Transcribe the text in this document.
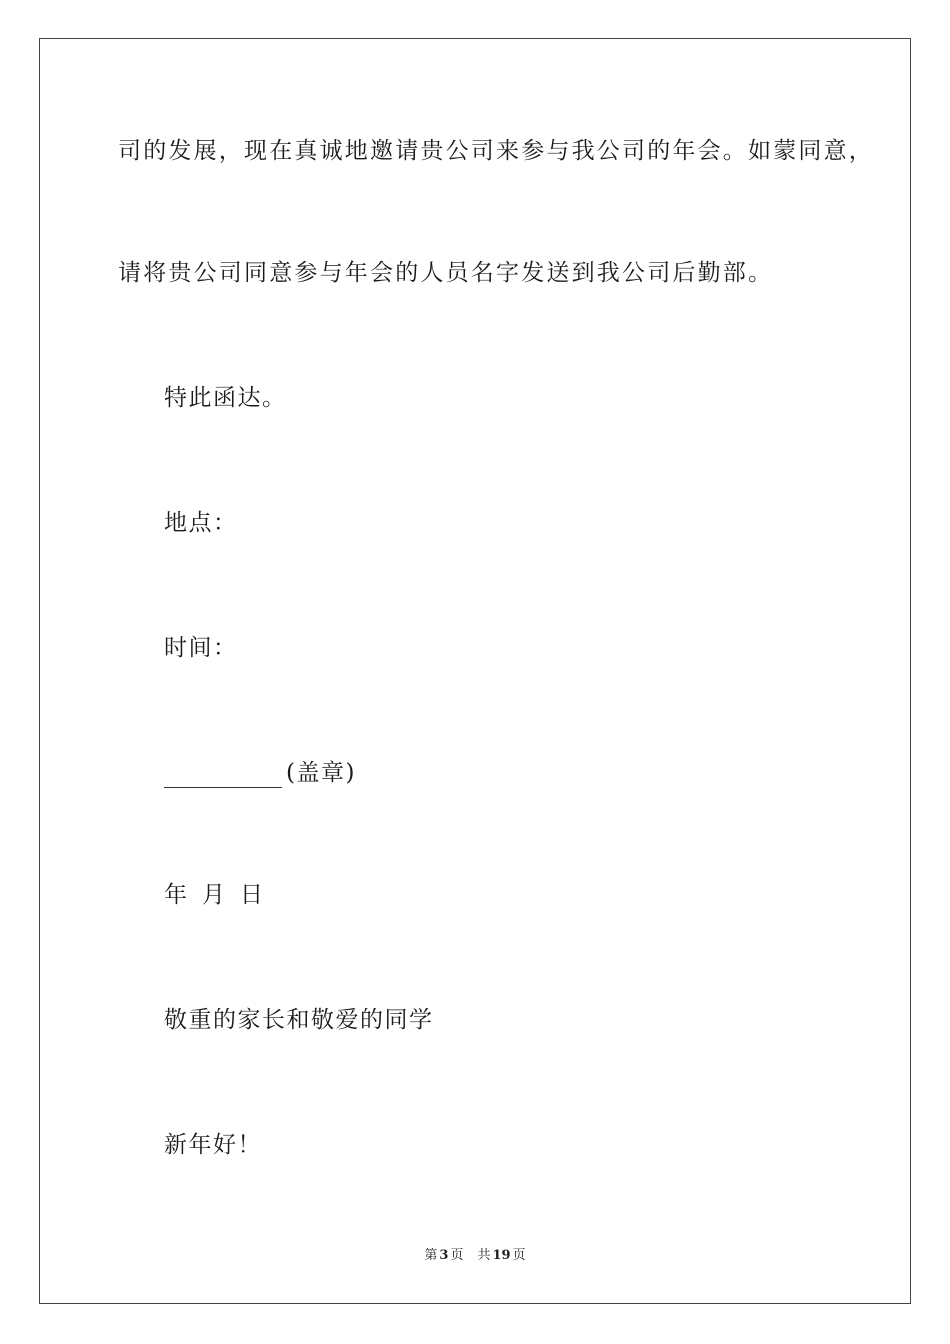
司的发展，现在真诚地邀请贵公司来参与我公司的年会。如蒙同意，
请将贵公司同意参与年会的人员名字发送到我公司后勤部。
特此函达。
地点：
时间：
(盖章)
年 月 日
敬重的家长和敬爱的同学
新年好！
第 3 页 共 19 页
